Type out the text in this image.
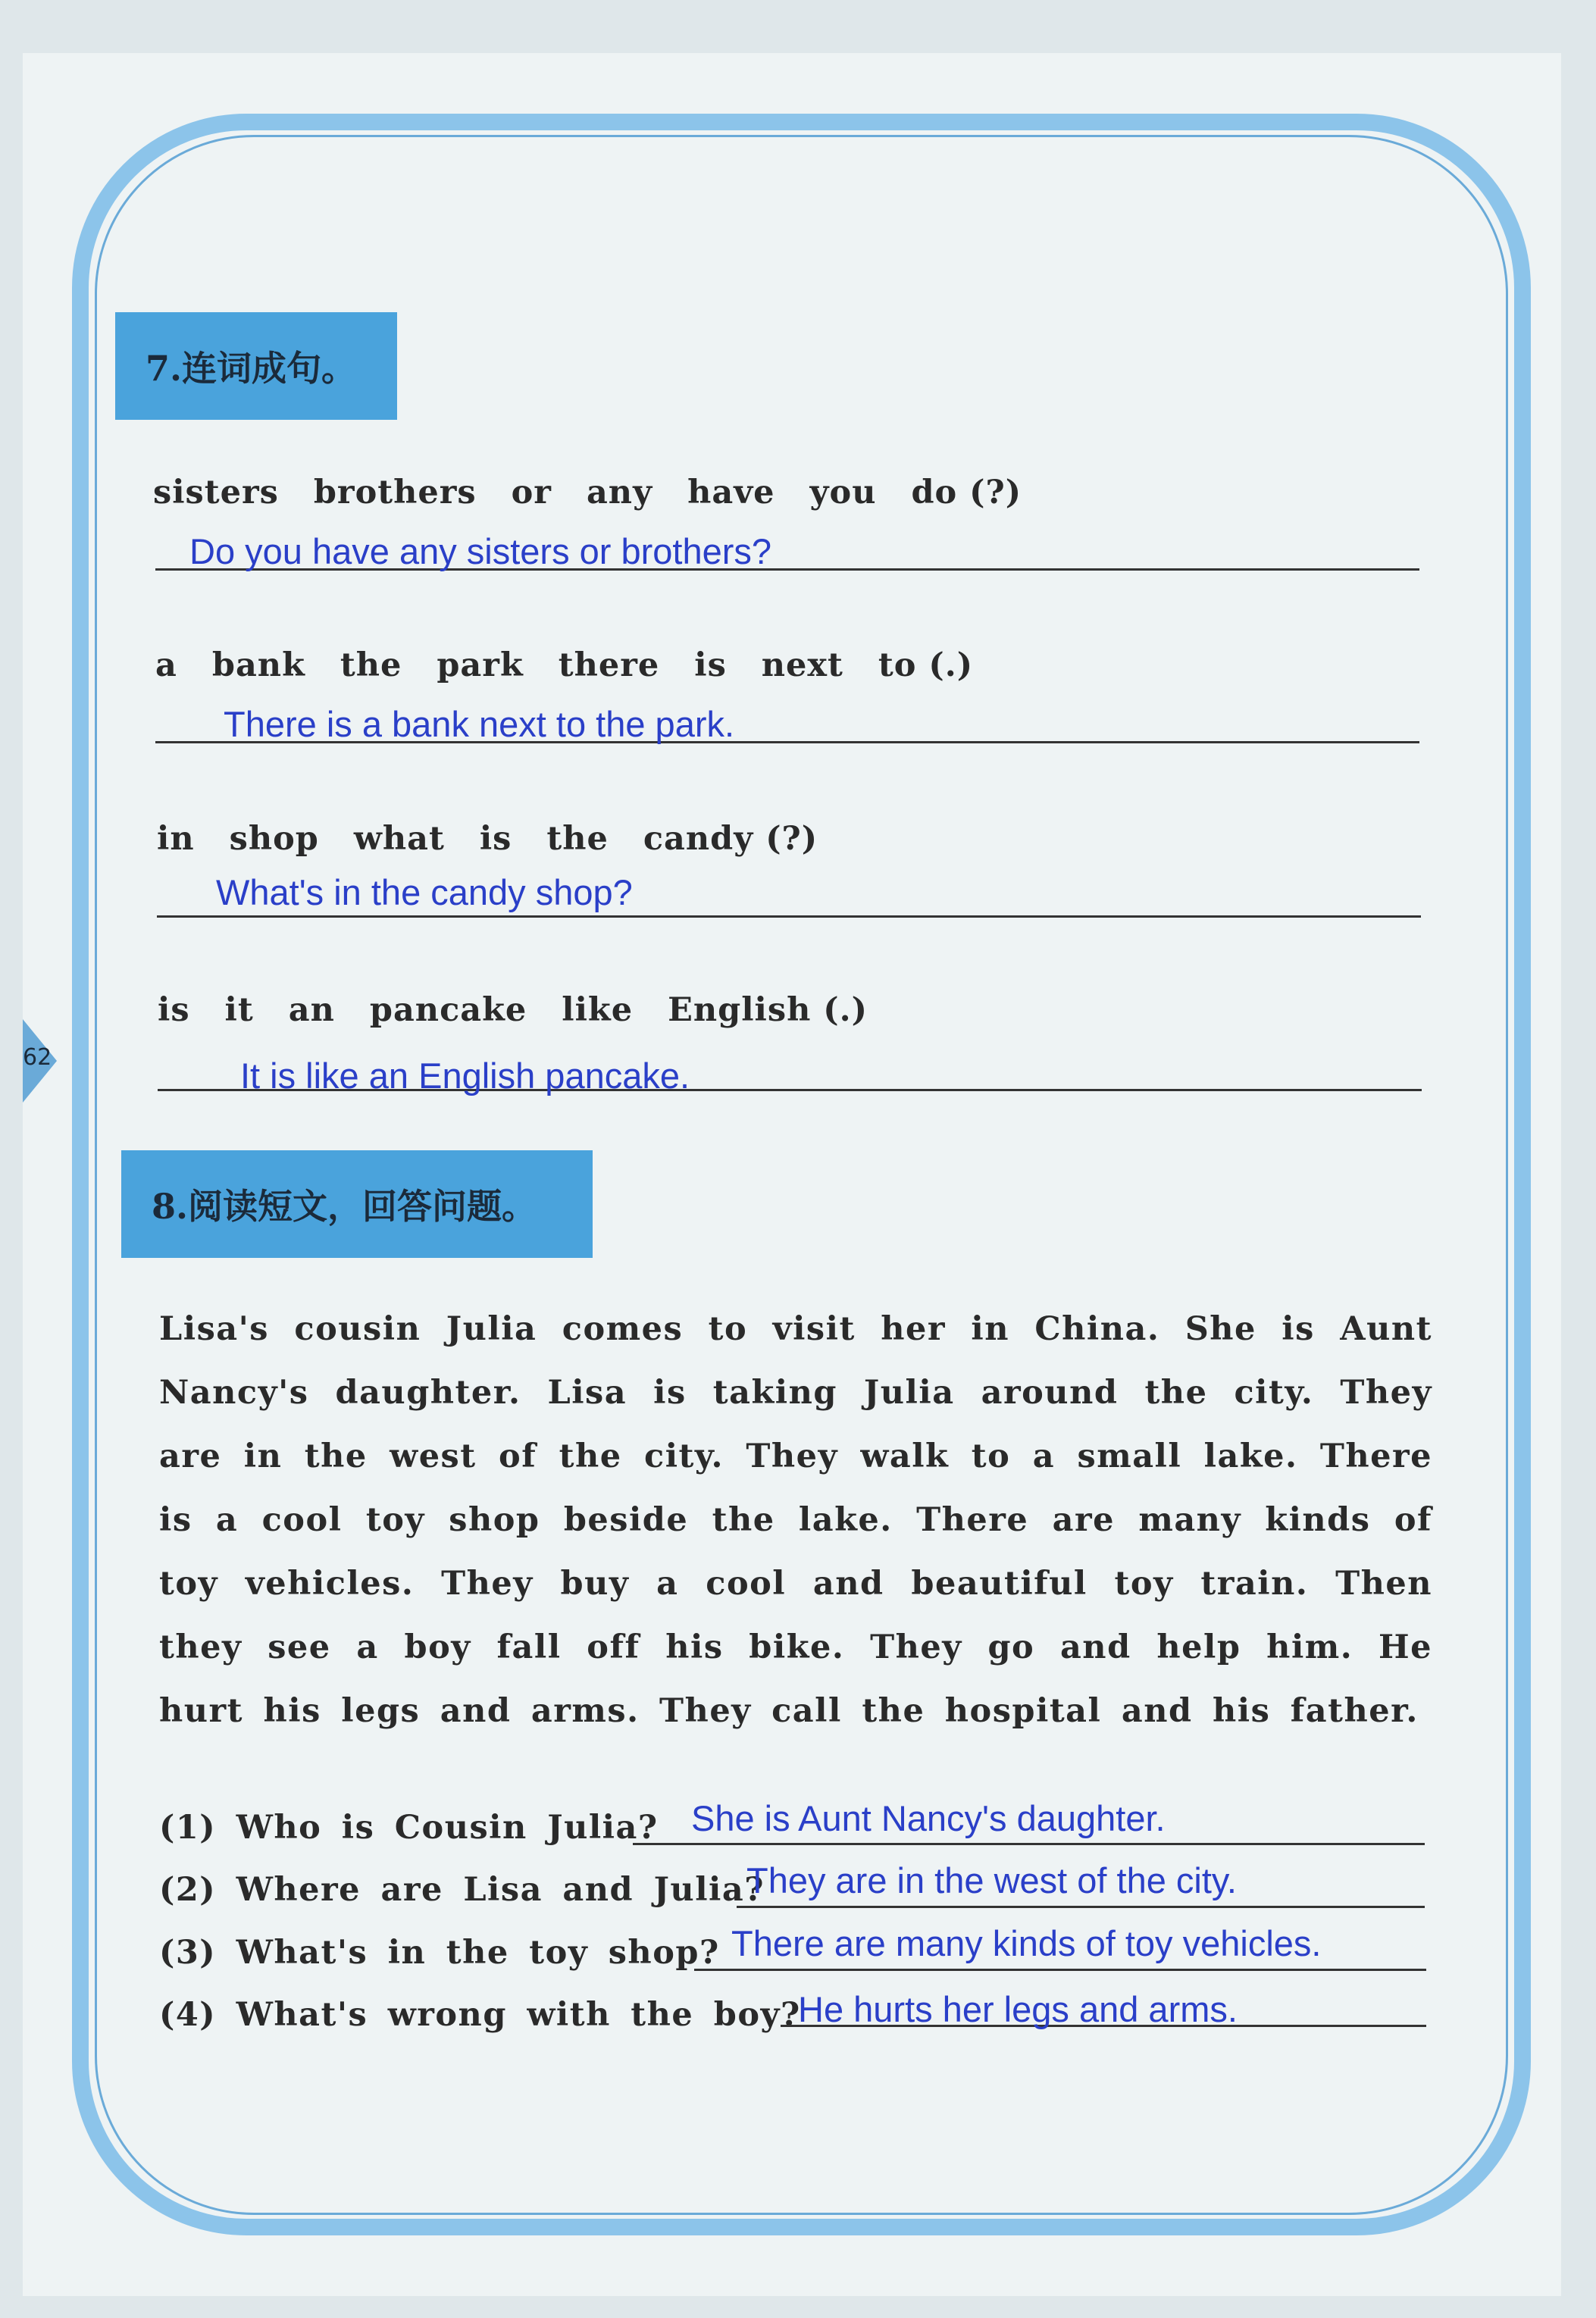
62
7.连词成句。
sisters brothers or any have you do (?)
Do you have any sisters or brothers?
a bank the park there is next to (.)
There is a bank next to the park.
in shop what is the candy (?)
What's in the candy shop?
is it an pancake like English (.)
It is like an English pancake.
8.阅读短文，回答问题。
Lisa's cousin Julia comes to visit her in China. She is Aunt Nancy's daughter. Lisa is taking Julia around the city. They are in the west of the city. They walk to a small lake. There is a cool toy shop beside the lake. There are many kinds of toy vehicles. They buy a cool and beautiful toy train. Then they see a boy fall off his bike. They go and help him. He hurt his legs and arms. They call the hospital and his father.
(1) Who is Cousin Julia? She is Aunt Nancy's daughter.
(2) Where are Lisa and Julia?
They are in the west of the city.
(3) What's in the toy shop? There are many kinds of toy vehicles.
(4) What's wrong with the boy?
He hurts her legs and arms.
